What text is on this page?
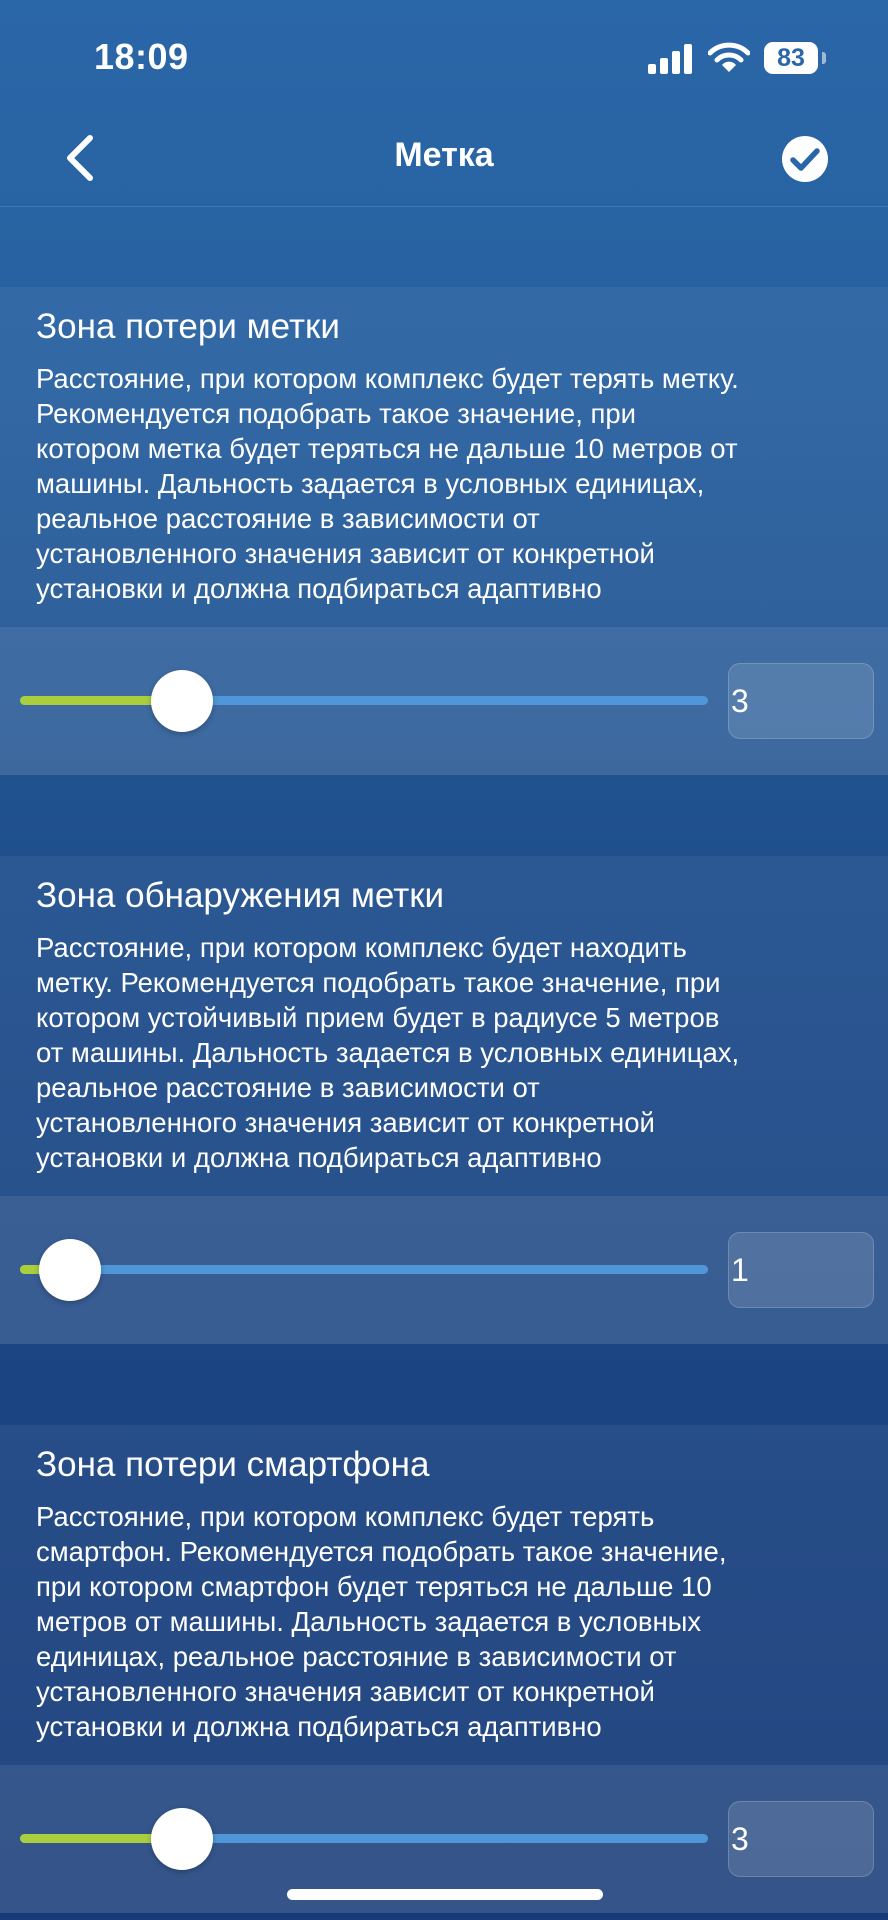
18:09	83
Метка
Зона потери метки
Расстояние, при котором комплекс будет терять метку.
Рекомендуется подобрать такое значение, при
котором метка будет теряться не дальше 10 метров от
машины. Дальность задается в условных единицах,
реальное расстояние в зависимости от
установленного значения зависит от конкретной
установки и должна подбираться адаптивно
3
Зона обнаружения метки
Расстояние, при котором комплекс будет находить
метку. Рекомендуется подобрать такое значение, при
котором устойчивый прием будет в радиусе 5 метров
от машины. Дальность задается в условных единицах,
реальное расстояние в зависимости от
установленного значения зависит от конкретной
установки и должна подбираться адаптивно
1
Зона потери смартфона
Расстояние, при котором комплекс будет терять
смартфон. Рекомендуется подобрать такое значение,
при котором смартфон будет теряться не дальше 10
метров от машины. Дальность задается в условных
единицах, реальное расстояние в зависимости от
установленного значения зависит от конкретной
установки и должна подбираться адаптивно
3
